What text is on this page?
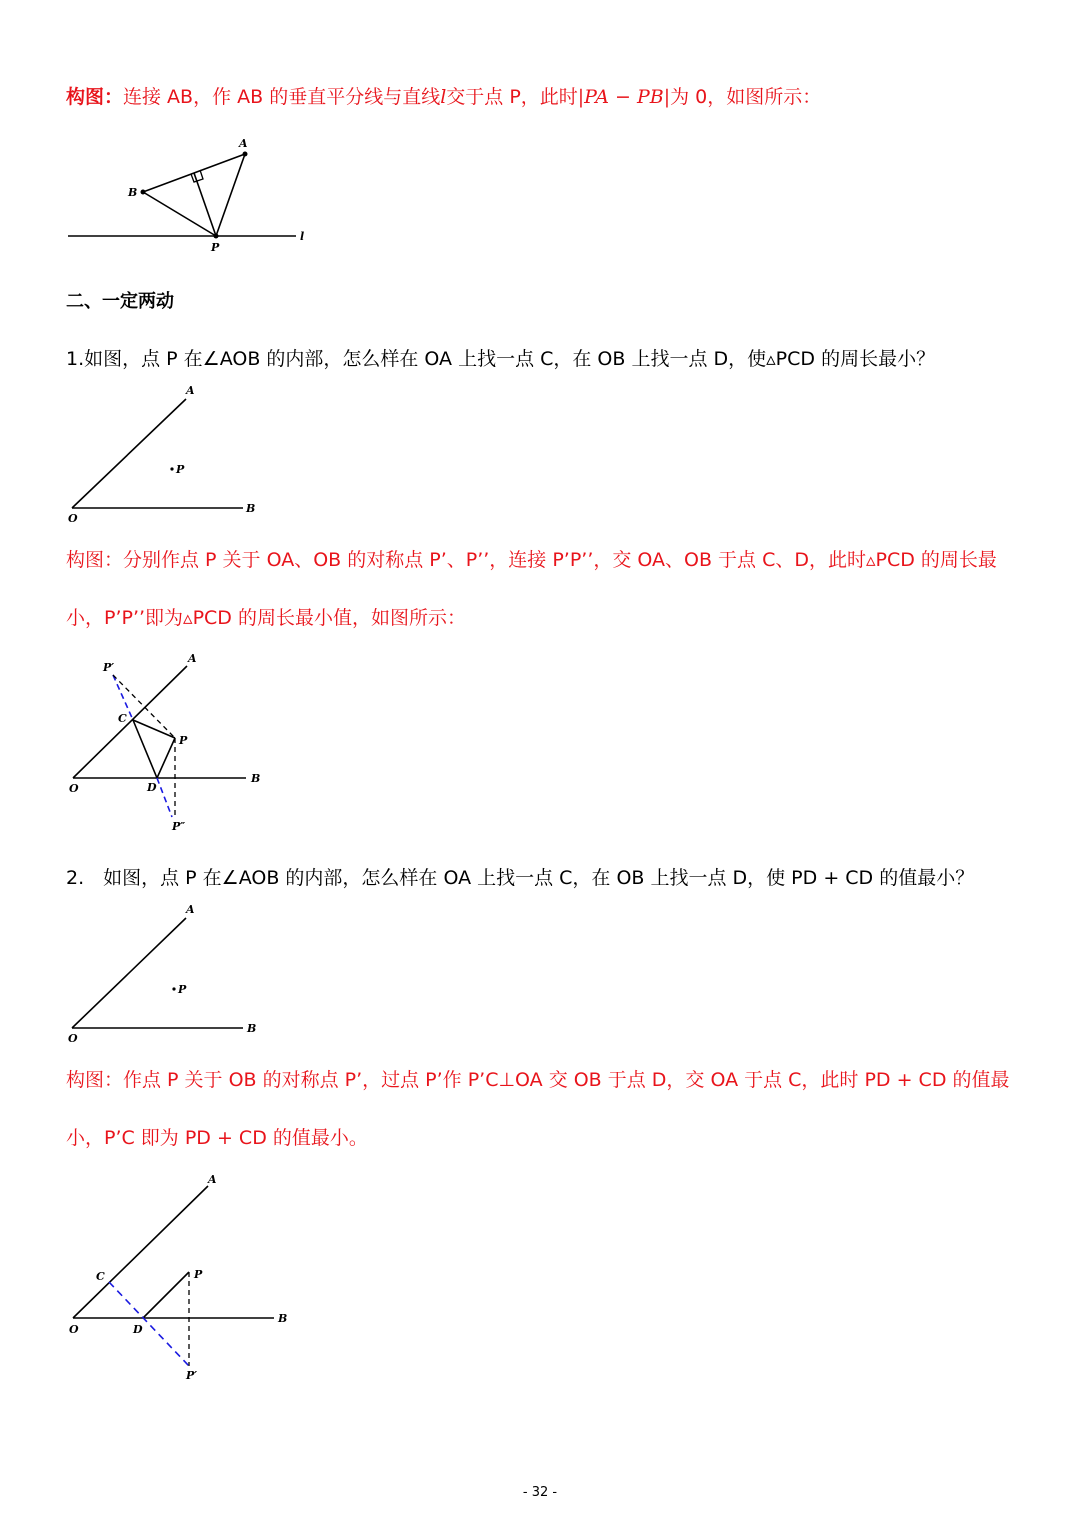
构图：连接 AB，作 AB 的垂直平分线与直线l交于点 P，此时|PA − PB|为 0，如图所示：
A
B
P
l
二、一定两动
1.如图，点 P 在∠AOB 的内部，怎么样在 OA 上找一点 C，在 OB 上找一点 D，使▵PCD 的周长最小？
A
O
B
P
构图：分别作点 P 关于 OA、OB 的对称点 P’、P’’，连接 P’P’’，交 OA、OB 于点 C、D，此时▵PCD 的周长最
小，P’P’’即为▵PCD 的周长最小值，如图所示：
P′
A
C
P
O	D
B
P″
2. 如图，点 P 在∠AOB 的内部，怎么样在 OA 上找一点 C，在 OB 上找一点 D，使 PD + CD 的值最小？
A
O
B
P
构图：作点 P 关于 OB 的对称点 P’，过点 P’作 P’C⊥OA 交 OB 于点 D，交 OA 于点 C，此时 PD + CD 的值最
小，P’C 即为 PD + CD 的值最小。
C
A
P
O	D
B
P′
- 32 -
